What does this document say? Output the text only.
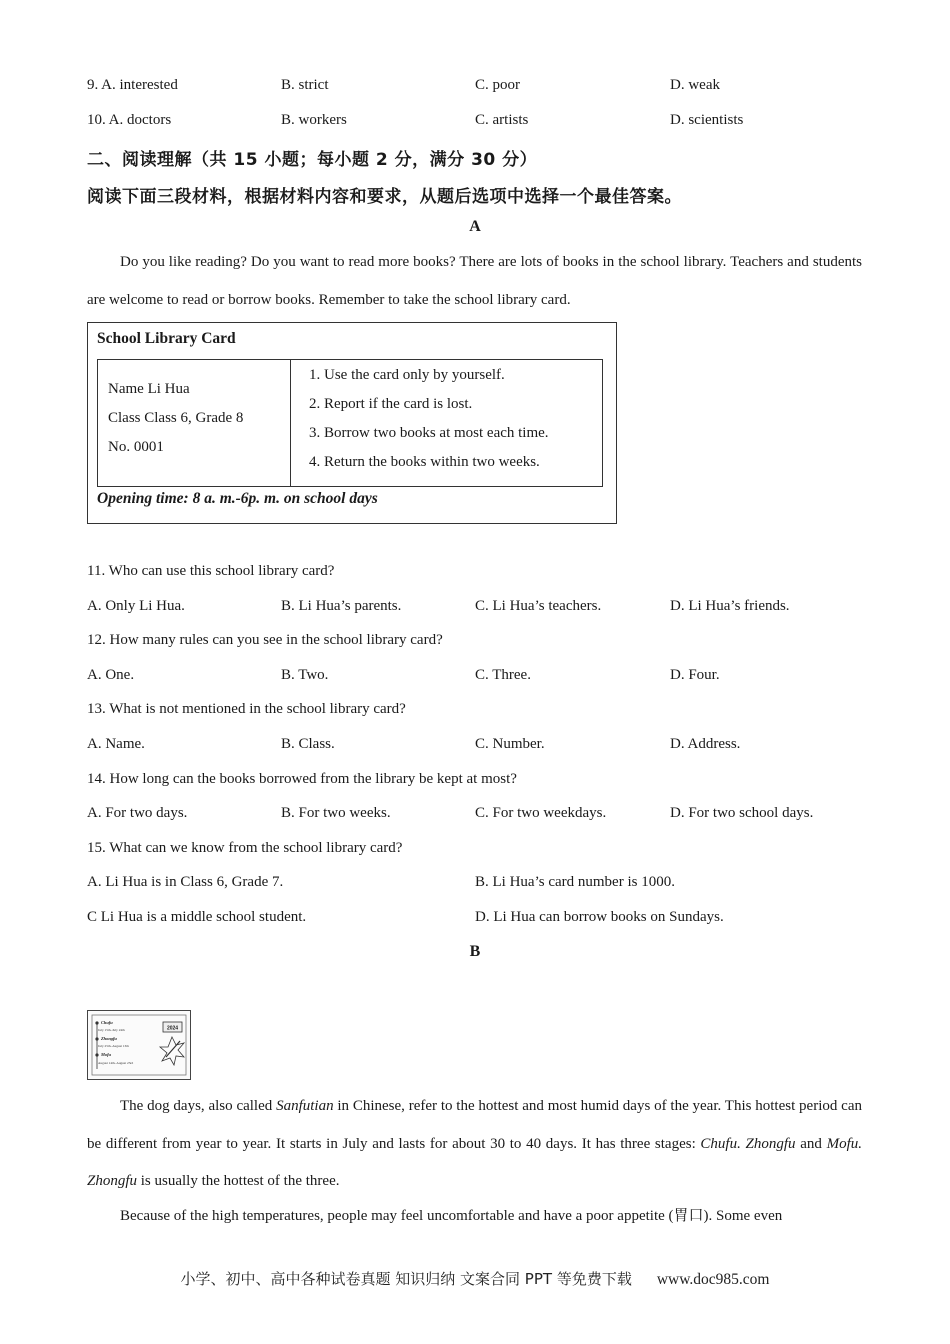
9. A. interested	B. strict	C. poor	D. weak
10. A. doctors	B. workers	C. artists	D. scientists
二、阅读理解（共 15 小题；每小题 2 分，满分 30 分）
阅读下面三段材料，根据材料内容和要求，从题后选项中选择一个最佳答案。
A
Do you like reading? Do you want to read more books? There are lots of books in the school library. Teachers and students are welcome to read or borrow books. Remember to take the school library card.
School Library Card
Name Li Hua
Class Class 6, Grade 8
No. 0001
1. Use the card only by yourself.
2. Report if the card is lost.
3. Borrow two books at most each time.
4. Return the books within two weeks.
Opening time: 8 a. m.-6p. m. on school days
11. Who can use this school library card?
A. Only Li Hua.	B. Li Hua’s parents.	C. Li Hua’s teachers.	D. Li Hua’s friends.
12. How many rules can you see in the school library card?
A. One.	B. Two.	C. Three.	D. Four.
13. What is not mentioned in the school library card?
A. Name.	B. Class.	C. Number.	D. Address.
14. How long can the books borrowed from the library be kept at most?
A. For two days.	B. For two weeks.	C. For two weekdays.	D. For two school days.
15. What can we know from the school library card?
A. Li Hua is in Class 6, Grade 7.	B. Li Hua’s card number is 1000.
C Li Hua is a middle school student.	D. Li Hua can borrow books on Sundays.
B
Chufu
July 15th–July 24th
Zhongfu
July 25th–August 13th
Mofu
August 14th–August 23rd
2024
The dog days, also called Sanfutian in Chinese, refer to the hottest and most humid days of the year. This hottest period can be different from year to year. It starts in July and lasts for about 30 to 40 days. It has three stages: Chufu. Zhongfu and Mofu. Zhongfu is usually the hottest of the three.
Because of the high temperatures, people may feel uncomfortable and have a poor appetite (胃口). Some even
小学、初中、高中各种试卷真题 知识归纳 文案合同 PPT 等免费下载 www.doc985.com
